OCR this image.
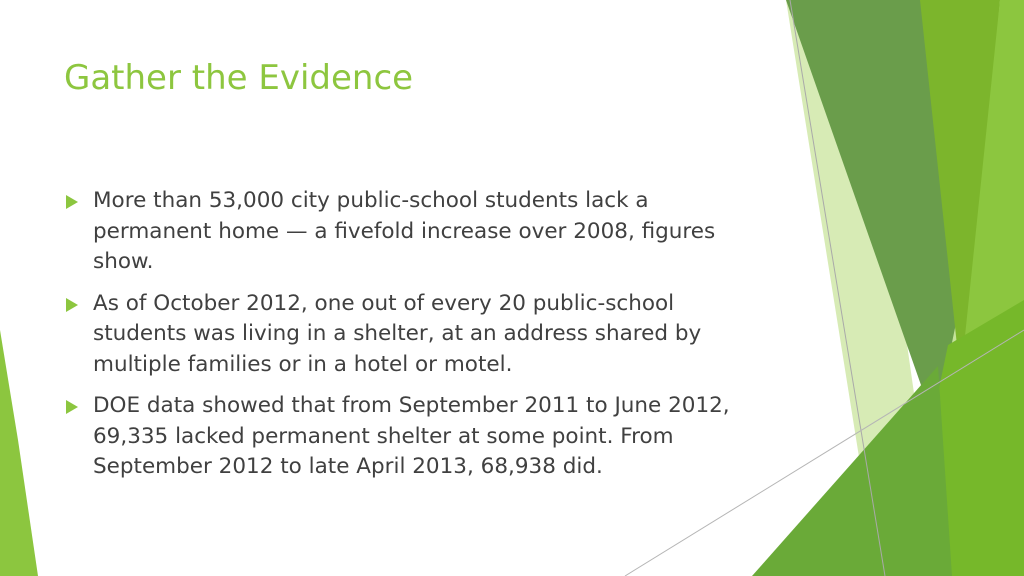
Gather the Evidence
More than 53,000 city public-school students lack a permanent home — a fivefold increase over 2008, figures show.
As of October 2012, one out of every 20 public-school students was living in a shelter, at an address shared by multiple families or in a hotel or motel.
DOE data showed that from September 2011 to June 2012, 69,335 lacked permanent shelter at some point. From September 2012 to late April 2013, 68,938 did.
